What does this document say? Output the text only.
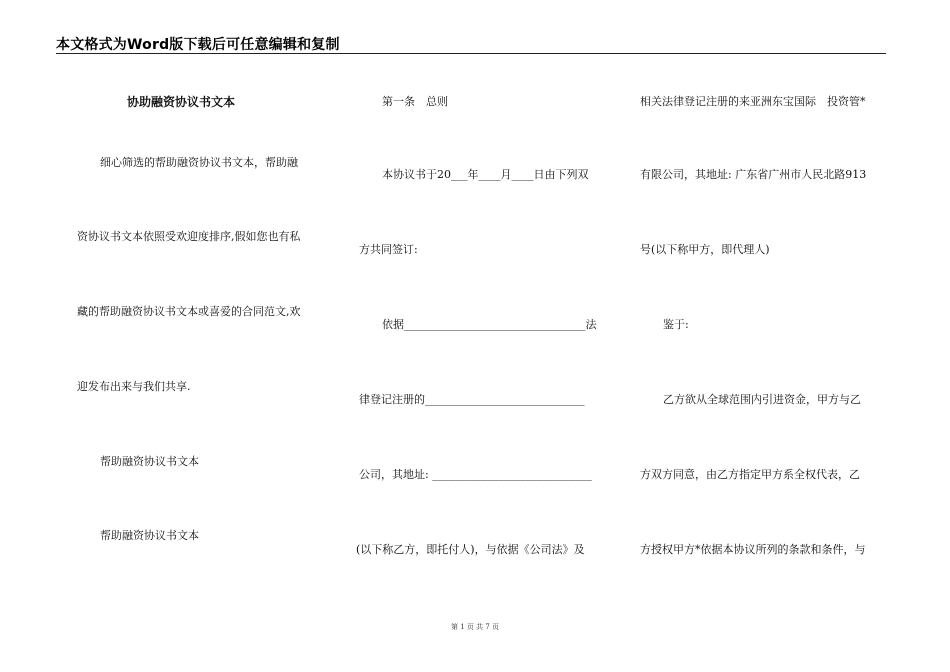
本文格式为Word版下载后可任意编辑和复制
协助融资协议书文本
细心筛选的帮助融资协议书文本，帮助融
资协议书文本依照受欢迎度排序,假如您也有私
藏的帮助融资协议书文本或喜爱的合同范文,欢
迎发布出来与我们共享.
帮助融资协议书文本
帮助融资协议书文本
第一条　总则
本协议书于20___年____月____日由下列双
方共同签订:
依据_________________________________法
律登记注册的_____________________________
公司，其地址: _____________________________
(以下称乙方，即托付人)，与依据《公司法》及
相关法律登记注册的来亚洲东宝国际　投资管*
有限公司，其地址: 广东省广州市人民北路913
号(以下称甲方，即代理人)
鉴于:
乙方欲从全球范围内引进资金，甲方与乙
方双方同意，由乙方指定甲方系全权代表，乙
方授权甲方*依据本协议所列的条款和条件，与
第 1 页 共 7 页
